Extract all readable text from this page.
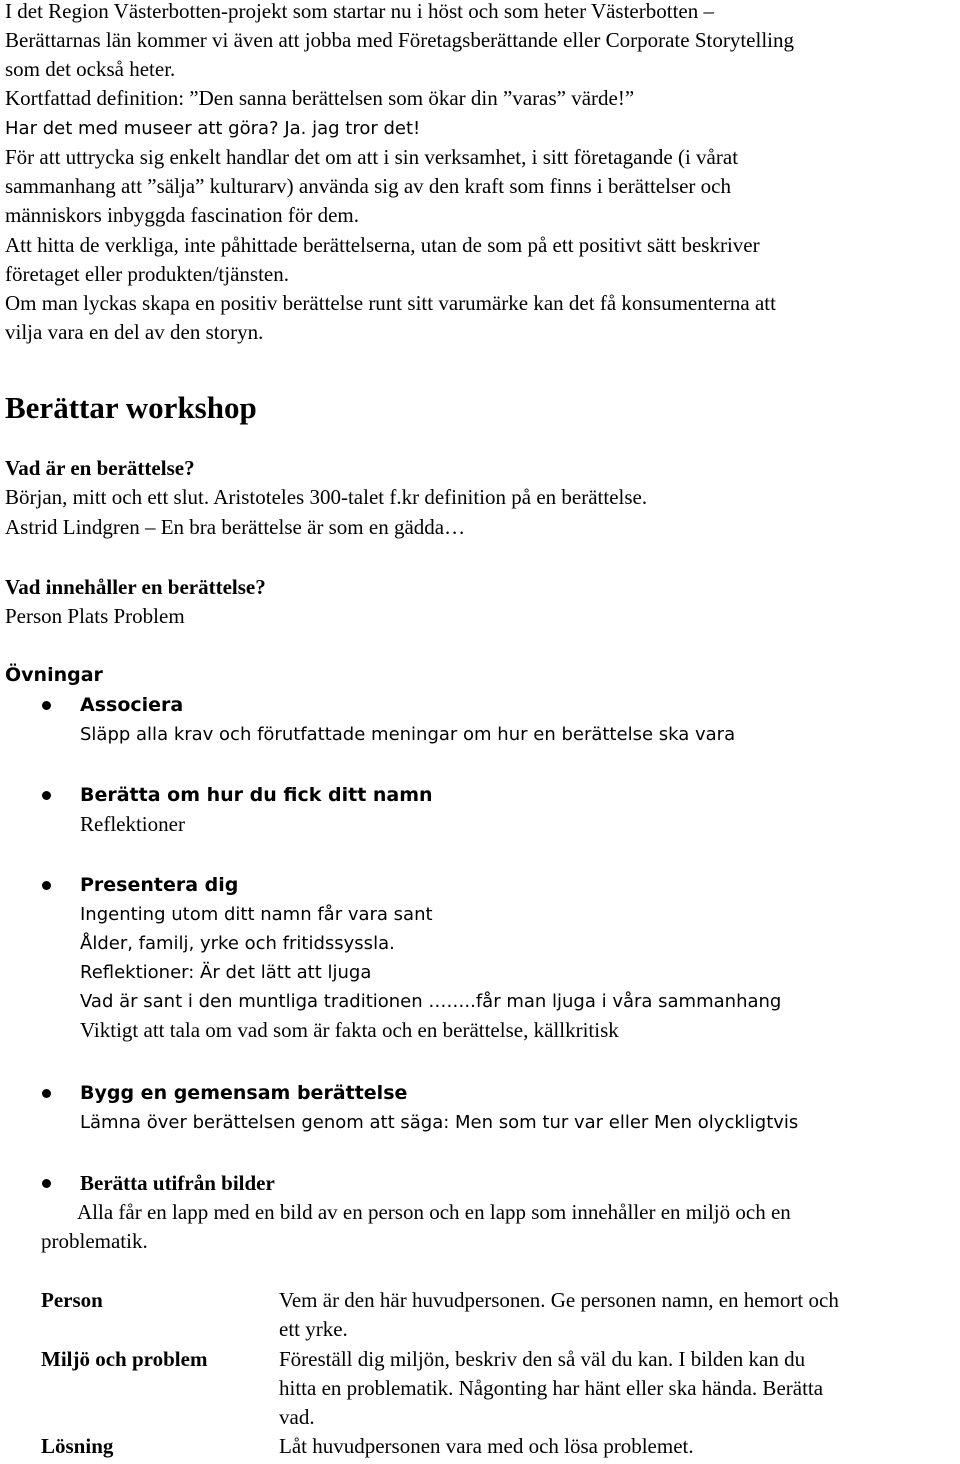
I det Region Västerbotten-projekt som startar nu i höst och som heter Västerbotten –
Berättarnas län kommer vi även att jobba med Företagsberättande eller Corporate Storytelling
som det också heter.
Kortfattad definition: ”Den sanna berättelsen som ökar din ”varas” värde!”
Har det med museer att göra? Ja. jag tror det!
För att uttrycka sig enkelt handlar det om att i sin verksamhet, i sitt företagande (i vårat
sammanhang att ”sälja” kulturarv) använda sig av den kraft som finns i berättelser och
människors inbyggda fascination för dem.
Att hitta de verkliga, inte påhittade berättelserna, utan de som på ett positivt sätt beskriver
företaget eller produkten/tjänsten.
Om man lyckas skapa en positiv berättelse runt sitt varumärke kan det få konsumenterna att
vilja vara en del av den storyn.
Berättar workshop
Vad är en berättelse?
Början, mitt och ett slut. Aristoteles 300-talet f.kr definition på en berättelse.
Astrid Lindgren – En bra berättelse är som en gädda…
Vad innehåller en berättelse?
Person Plats Problem
Övningar
Associera
Släpp alla krav och förutfattade meningar om hur en berättelse ska vara
Berätta om hur du fick ditt namn
Reflektioner
Presentera dig
Ingenting utom ditt namn får vara sant
Ålder, familj, yrke och fritidssyssla.
Reflektioner: Är det lätt att ljuga
Vad är sant i den muntliga traditionen ……..får man ljuga i våra sammanhang
Viktigt att tala om vad som är fakta och en berättelse, källkritisk
Bygg en gemensam berättelse
Lämna över berättelsen genom att säga: Men som tur var eller Men olyckligtvis
Berätta utifrån bilder
Alla får en lapp med en bild av en person och en lapp som innehåller en miljö och en
problematik.
Person	Vem är den här huvudpersonen. Ge personen namn, en hemort och
ett yrke.
Miljö och problem	Föreställ dig miljön, beskriv den så väl du kan. I bilden kan du
hitta en problematik. Någonting har hänt eller ska hända. Berätta
vad.
Lösning	Låt huvudpersonen vara med och lösa problemet.
